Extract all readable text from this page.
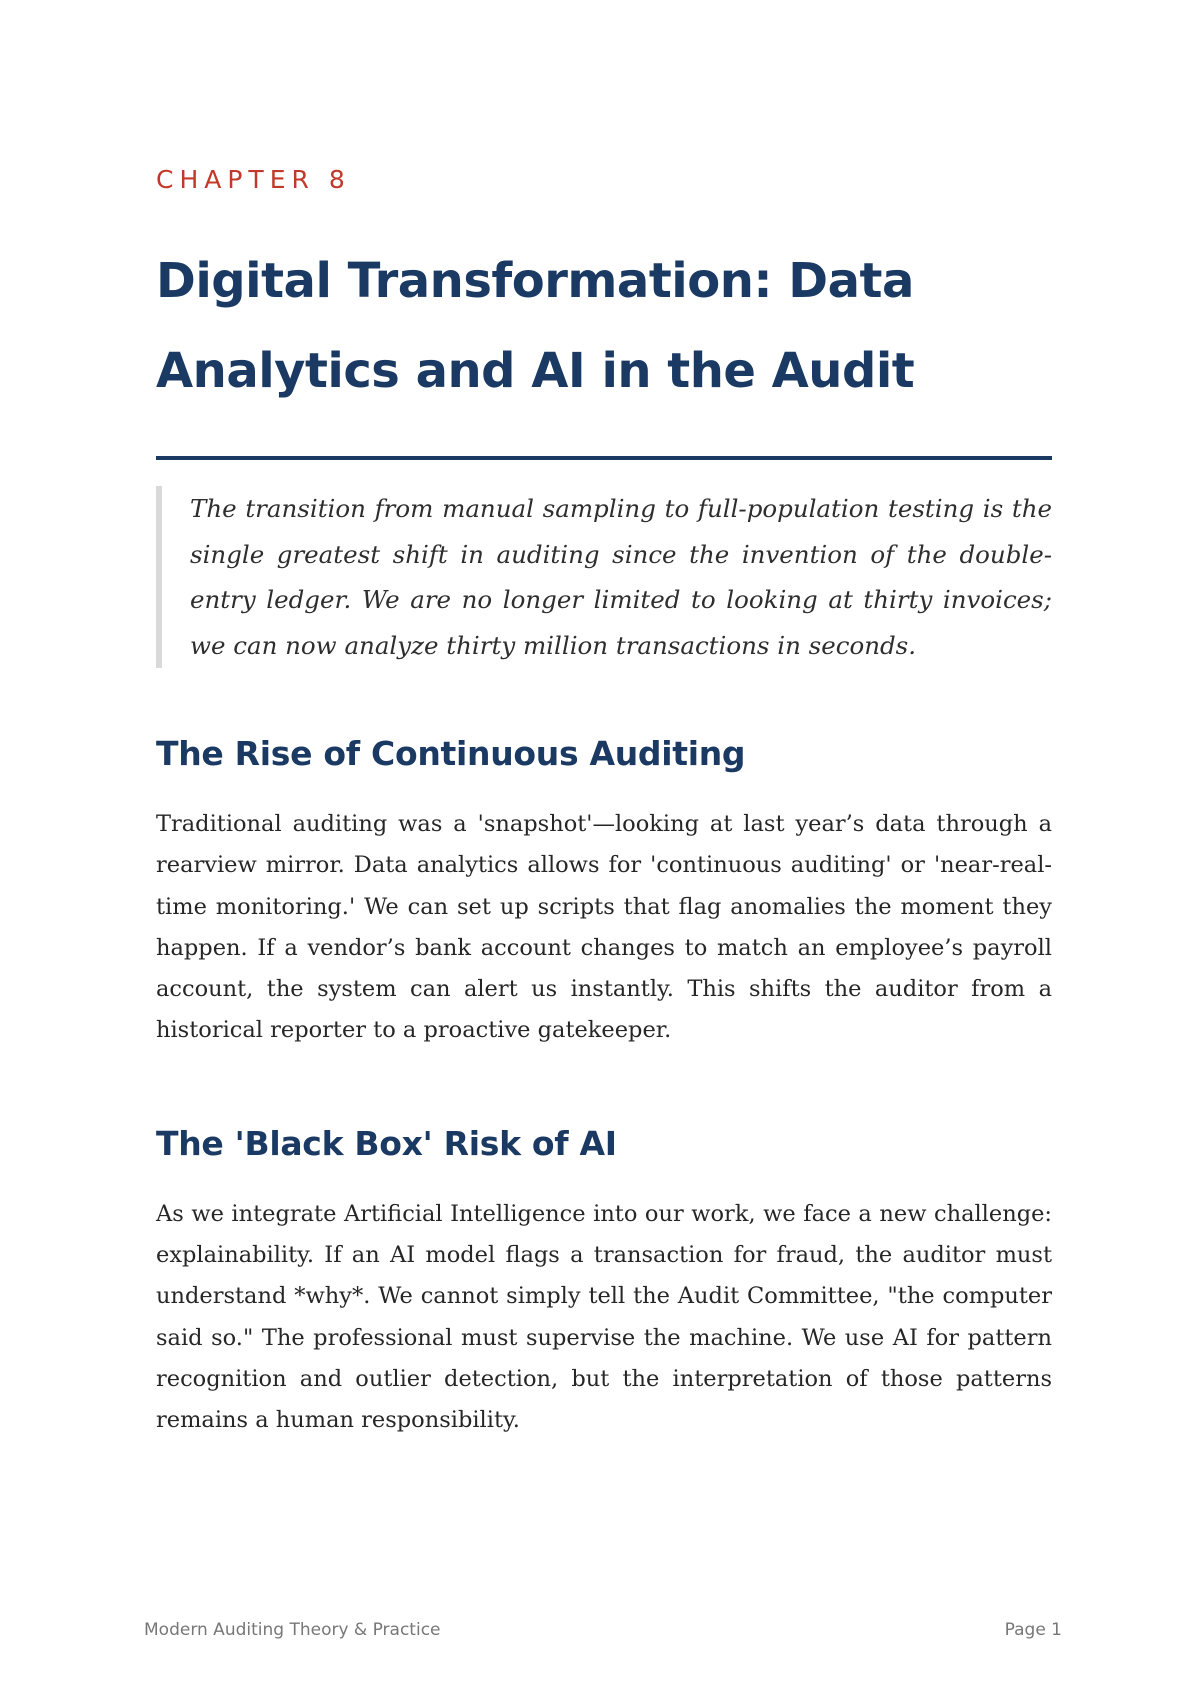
CHAPTER 8
Digital Transformation: Data Analytics and AI in the Audit
The transition from manual sampling to full-population testing is the single greatest shift in auditing since the invention of the double-entry ledger. We are no longer limited to looking at thirty invoices; we can now analyze thirty million transactions in seconds.
The Rise of Continuous Auditing

Traditional auditing was a 'snapshot'—looking at last year’s data through a rearview mirror. Data analytics allows for 'continuous auditing' or 'near-real-time monitoring.' We can set up scripts that flag anomalies the moment they happen. If a vendor’s bank account changes to match an employee’s payroll account, the system can alert us instantly. This shifts the auditor from a historical reporter to a proactive gatekeeper.

The 'Black Box' Risk of AI

As we integrate Artificial Intelligence into our work, we face a new challenge: explainability. If an AI model flags a transaction for fraud, the auditor must understand *why*. We cannot simply tell the Audit Committee, "the computer said so." The professional must supervise the machine. We use AI for pattern recognition and outlier detection, but the interpretation of those patterns remains a human responsibility.

Modern Auditing Theory & Practice	Page 1
